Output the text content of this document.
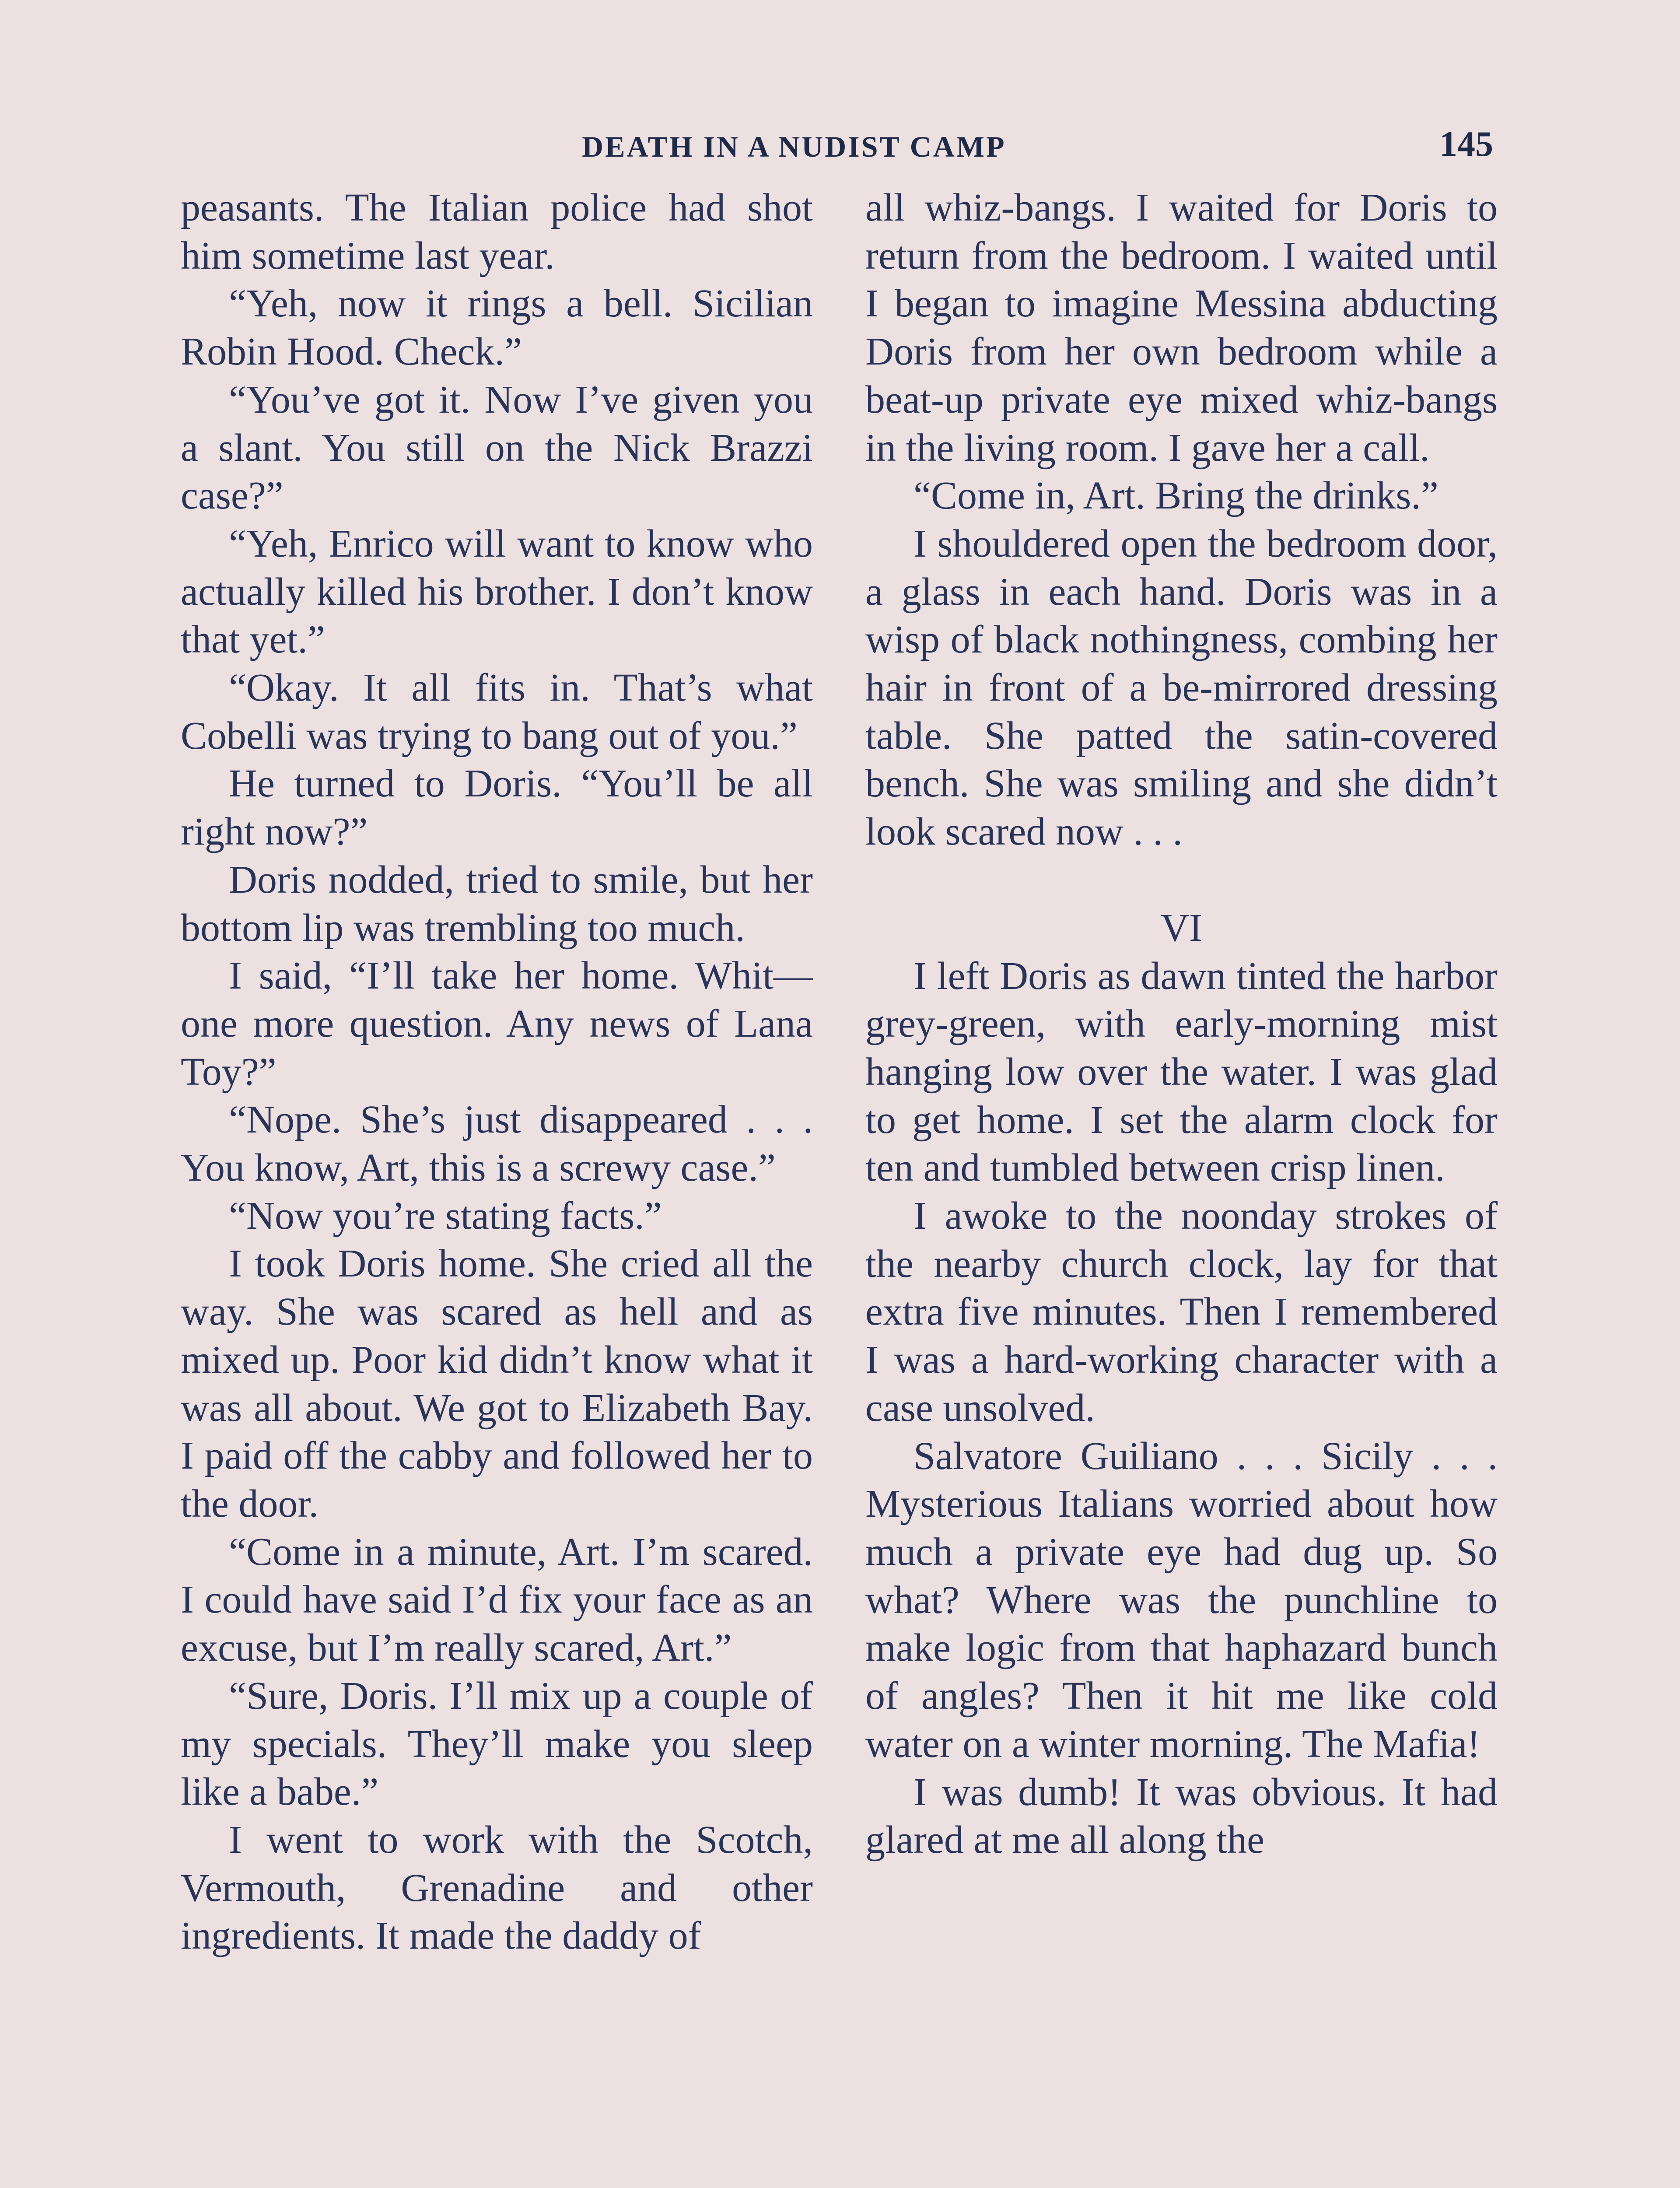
DEATH IN A NUDIST CAMP	145

peasants. The Italian police had shot him sometime last year.

“Yeh, now it rings a bell. Sicilian Robin Hood. Check.”

“You’ve got it. Now I’ve given you a slant. You still on the Nick Brazzi case?”

“Yeh, Enrico will want to know who actually killed his brother. I don’t know that yet.”

“Okay. It all fits in. That’s what Cobelli was trying to bang out of you.”

He turned to Doris. “You’ll be all right now?”

Doris nodded, tried to smile, but her bottom lip was trembling too much.

I said, “I’ll take her home. Whit—one more question. Any news of Lana Toy?”

“Nope. She’s just disappeared . . . You know, Art, this is a screwy case.”

“Now you’re stating facts.”

I took Doris home. She cried all the way. She was scared as hell and as mixed up. Poor kid didn’t know what it was all about. We got to Elizabeth Bay. I paid off the cabby and followed her to the door.

“Come in a minute, Art. I’m scared. I could have said I’d fix your face as an excuse, but I’m really scared, Art.”

“Sure, Doris. I’ll mix up a couple of my specials. They’ll make you sleep like a babe.”

I went to work with the Scotch, Vermouth, Grenadine and other ingredients. It made the daddy of

all whiz-bangs. I waited for Doris to return from the bedroom. I waited until I began to imagine Messina abducting Doris from her own bedroom while a beat-up private eye mixed whiz-bangs in the living room. I gave her a call.

“Come in, Art. Bring the drinks.”

I shouldered open the bedroom door, a glass in each hand. Doris was in a wisp of black nothingness, combing her hair in front of a be-mirrored dressing table. She patted the satin-covered bench. She was smiling and she didn’t look scared now . . .

VI

I left Doris as dawn tinted the harbor grey-green, with early-morning mist hanging low over the water. I was glad to get home. I set the alarm clock for ten and tumbled between crisp linen.

I awoke to the noonday strokes of the nearby church clock, lay for that extra five minutes. Then I remembered I was a hard-working character with a case unsolved.

Salvatore Guiliano . . . Sicily . . . Mysterious Italians worried about how much a private eye had dug up. So what? Where was the punchline to make logic from that haphazard bunch of angles? Then it hit me like cold water on a winter morning. The Mafia!

I was dumb! It was obvious. It had glared at me all along the
